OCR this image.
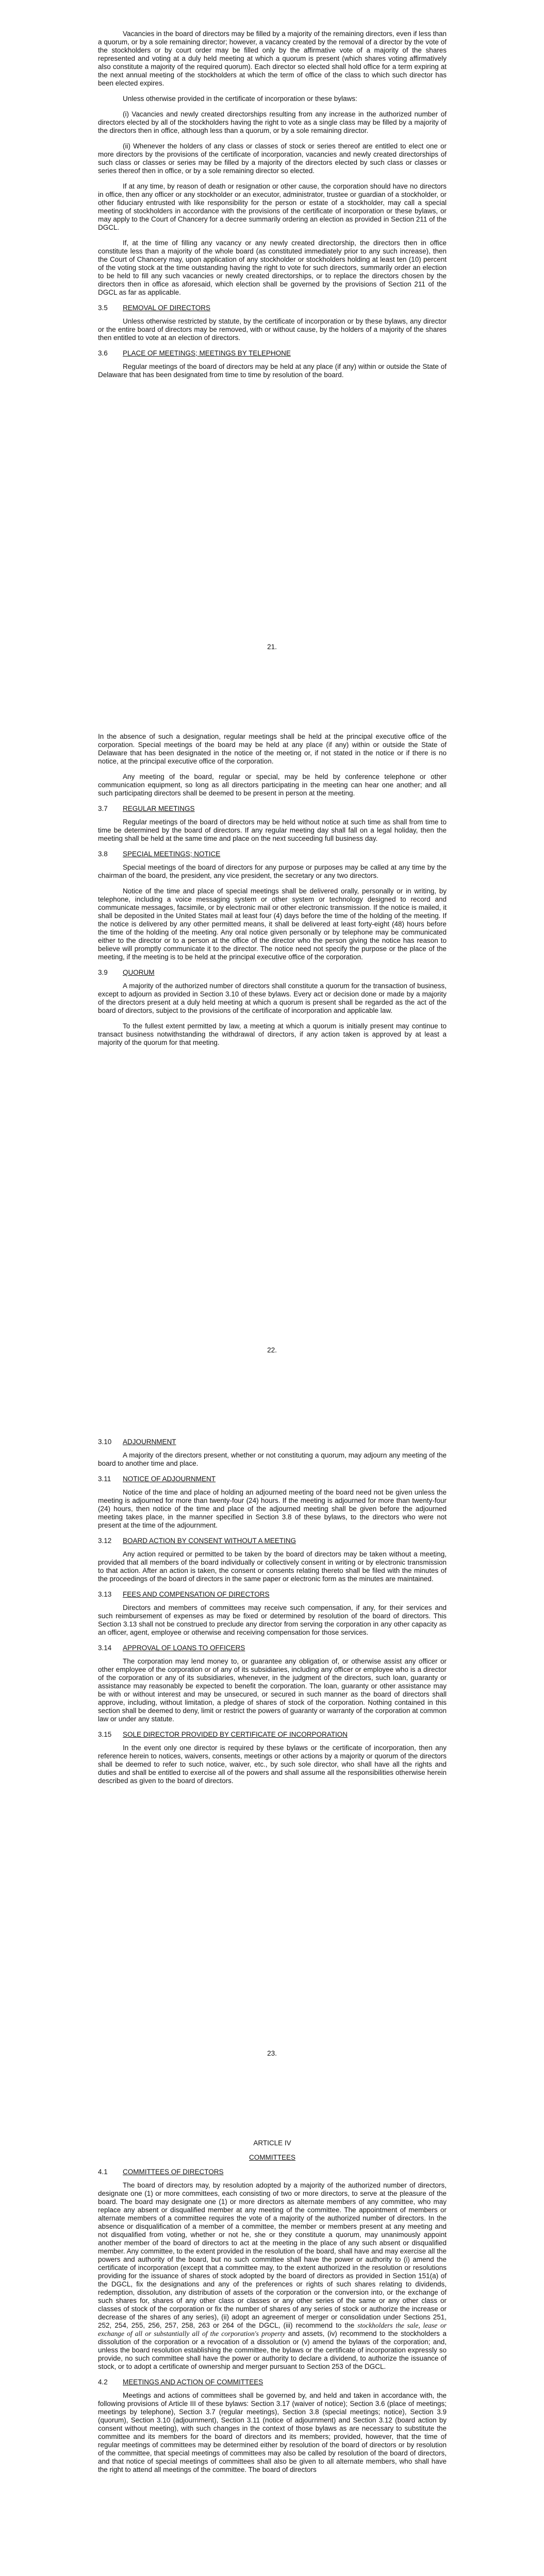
Vacancies in the board of directors may be filled by a majority of the remaining directors, even if less than a quorum, or by a sole remaining director; however, a vacancy created by the removal of a director by the vote of the stockholders or by court order may be filled only by the affirmative vote of a majority of the shares represented and voting at a duly held meeting at which a quorum is present (which shares voting affirmatively also constitute a majority of the required quorum). Each director so elected shall hold office for a term expiring at the next annual meeting of the stockholders at which the term of office of the class to which such director has been elected expires.

Unless otherwise provided in the certificate of incorporation or these bylaws:

(i) Vacancies and newly created directorships resulting from any increase in the authorized number of directors elected by all of the stockholders having the right to vote as a single class may be filled by a majority of the directors then in office, although less than a quorum, or by a sole remaining director.

(ii) Whenever the holders of any class or classes of stock or series thereof are entitled to elect one or more directors by the provisions of the certificate of incorporation, vacancies and newly created directorships of such class or classes or series may be filled by a majority of the directors elected by such class or classes or series thereof then in office, or by a sole remaining director so elected.

If at any time, by reason of death or resignation or other cause, the corporation should have no directors in office, then any officer or any stockholder or an executor, administrator, trustee or guardian of a stockholder, or other fiduciary entrusted with like responsibility for the person or estate of a stockholder, may call a special meeting of stockholders in accordance with the provisions of the certificate of incorporation or these bylaws, or may apply to the Court of Chancery for a decree summarily ordering an election as provided in Section 211 of the DGCL.

If, at the time of filling any vacancy or any newly created directorship, the directors then in office constitute less than a majority of the whole board (as constituted immediately prior to any such increase), then the Court of Chancery may, upon application of any stockholder or stockholders holding at least ten (10) percent of the voting stock at the time outstanding having the right to vote for such directors, summarily order an election to be held to fill any such vacancies or newly created directorships, or to replace the directors chosen by the directors then in office as aforesaid, which election shall be governed by the provisions of Section 211 of the DGCL as far as applicable.

3.5	REMOVAL OF DIRECTORS

Unless otherwise restricted by statute, by the certificate of incorporation or by these bylaws, any director or the entire board of directors may be removed, with or without cause, by the holders of a majority of the shares then entitled to vote at an election of directors.

3.6	PLACE OF MEETINGS; MEETINGS BY TELEPHONE

Regular meetings of the board of directors may be held at any place (if any) within or outside the State of Delaware that has been designated from time to time by resolution of the board.

21.

In the absence of such a designation, regular meetings shall be held at the principal executive office of the corporation. Special meetings of the board may be held at any place (if any) within or outside the State of Delaware that has been designated in the notice of the meeting or, if not stated in the notice or if there is no notice, at the principal executive office of the corporation.

Any meeting of the board, regular or special, may be held by conference telephone or other communication equipment, so long as all directors participating in the meeting can hear one another; and all such participating directors shall be deemed to be present in person at the meeting.

3.7	REGULAR MEETINGS

Regular meetings of the board of directors may be held without notice at such time as shall from time to time be determined by the board of directors. If any regular meeting day shall fall on a legal holiday, then the meeting shall be held at the same time and place on the next succeeding full business day.

3.8	SPECIAL MEETINGS; NOTICE

Special meetings of the board of directors for any purpose or purposes may be called at any time by the chairman of the board, the president, any vice president, the secretary or any two directors.

Notice of the time and place of special meetings shall be delivered orally, personally or in writing, by telephone, including a voice messaging system or other system or technology designed to record and communicate messages, facsimile, or by electronic mail or other electronic transmission. If the notice is mailed, it shall be deposited in the United States mail at least four (4) days before the time of the holding of the meeting. If the notice is delivered by any other permitted means, it shall be delivered at least forty-eight (48) hours before the time of the holding of the meeting. Any oral notice given personally or by telephone may be communicated either to the director or to a person at the office of the director who the person giving the notice has reason to believe will promptly communicate it to the director. The notice need not specify the purpose or the place of the meeting, if the meeting is to be held at the principal executive office of the corporation.

3.9	QUORUM

A majority of the authorized number of directors shall constitute a quorum for the transaction of business, except to adjourn as provided in Section 3.10 of these bylaws. Every act or decision done or made by a majority of the directors present at a duly held meeting at which a quorum is present shall be regarded as the act of the board of directors, subject to the provisions of the certificate of incorporation and applicable law.

To the fullest extent permitted by law, a meeting at which a quorum is initially present may continue to transact business notwithstanding the withdrawal of directors, if any action taken is approved by at least a majority of the quorum for that meeting.

22.
3.10	ADJOURNMENT

A majority of the directors present, whether or not constituting a quorum, may adjourn any meeting of the board to another time and place.

3.11	NOTICE OF ADJOURNMENT

Notice of the time and place of holding an adjourned meeting of the board need not be given unless the meeting is adjourned for more than twenty-four (24) hours. If the meeting is adjourned for more than twenty-four (24) hours, then notice of the time and place of the adjourned meeting shall be given before the adjourned meeting takes place, in the manner specified in Section 3.8 of these bylaws, to the directors who were not present at the time of the adjournment.

3.12	BOARD ACTION BY CONSENT WITHOUT A MEETING

Any action required or permitted to be taken by the board of directors may be taken without a meeting, provided that all members of the board individually or collectively consent in writing or by electronic transmission to that action. After an action is taken, the consent or consents relating thereto shall be filed with the minutes of the proceedings of the board of directors in the same paper or electronic form as the minutes are maintained.

3.13	FEES AND COMPENSATION OF DIRECTORS

Directors and members of committees may receive such compensation, if any, for their services and such reimbursement of expenses as may be fixed or determined by resolution of the board of directors. This Section 3.13 shall not be construed to preclude any director from serving the corporation in any other capacity as an officer, agent, employee or otherwise and receiving compensation for those services.

3.14	APPROVAL OF LOANS TO OFFICERS

The corporation may lend money to, or guarantee any obligation of, or otherwise assist any officer or other employee of the corporation or of any of its subsidiaries, including any officer or employee who is a director of the corporation or any of its subsidiaries, whenever, in the judgment of the directors, such loan, guaranty or assistance may reasonably be expected to benefit the corporation. The loan, guaranty or other assistance may be with or without interest and may be unsecured, or secured in such manner as the board of directors shall approve, including, without limitation, a pledge of shares of stock of the corporation. Nothing contained in this section shall be deemed to deny, limit or restrict the powers of guaranty or warranty of the corporation at common law or under any statute.

3.15	SOLE DIRECTOR PROVIDED BY CERTIFICATE OF INCORPORATION

In the event only one director is required by these bylaws or the certificate of incorporation, then any reference herein to notices, waivers, consents, meetings or other actions by a majority or quorum of the directors shall be deemed to refer to such notice, waiver, etc., by such sole director, who shall have all the rights and duties and shall be entitled to exercise all of the powers and shall assume all the responsibilities otherwise herein described as given to the board of directors.

23.
ARTICLE IV
COMMITTEES
4.1	COMMITTEES OF DIRECTORS

The board of directors may, by resolution adopted by a majority of the authorized number of directors, designate one (1) or more committees, each consisting of two or more directors, to serve at the pleasure of the board. The board may designate one (1) or more directors as alternate members of any committee, who may replace any absent or disqualified member at any meeting of the committee. The appointment of members or alternate members of a committee requires the vote of a majority of the authorized number of directors. In the absence or disqualification of a member of a committee, the member or members present at any meeting and not disqualified from voting, whether or not he, she or they constitute a quorum, may unanimously appoint another member of the board of directors to act at the meeting in the place of any such absent or disqualified member. Any committee, to the extent provided in the resolution of the board, shall have and may exercise all the powers and authority of the board, but no such committee shall have the power or authority to (i) amend the certificate of incorporation (except that a committee may, to the extent authorized in the resolution or resolutions providing for the issuance of shares of stock adopted by the board of directors as provided in Section 151(a) of the DGCL, fix the designations and any of the preferences or rights of such shares relating to dividends, redemption, dissolution, any distribution of assets of the corporation or the conversion into, or the exchange of such shares for, shares of any other class or classes or any other series of the same or any other class or classes of stock of the corporation or fix the number of shares of any series of stock or authorize the increase or decrease of the shares of any series), (ii) adopt an agreement of merger or consolidation under Sections 251, 252, 254, 255, 256, 257, 258, 263 or 264 of the DGCL, (iii) recommend to the stockholders the sale, lease or exchange of all or substantially all of the corporation's property and assets, (iv) recommend to the stockholders a dissolution of the corporation or a revocation of a dissolution or (v) amend the bylaws of the corporation; and, unless the board resolution establishing the committee, the bylaws or the certificate of incorporation expressly so provide, no such committee shall have the power or authority to declare a dividend, to authorize the issuance of stock, or to adopt a certificate of ownership and merger pursuant to Section 253 of the DGCL.

4.2	MEETINGS AND ACTION OF COMMITTEES

Meetings and actions of committees shall be governed by, and held and taken in accordance with, the following provisions of Article III of these bylaws: Section 3.17 (waiver of notice); Section 3.6 (place of meetings; meetings by telephone), Section 3.7 (regular meetings), Section 3.8 (special meetings; notice), Section 3.9 (quorum), Section 3.10 (adjournment), Section 3.11 (notice of adjournment) and Section 3.12 (board action by consent without meeting), with such changes in the context of those bylaws as are necessary to substitute the committee and its members for the board of directors and its members; provided, however, that the time of regular meetings of committees may be determined either by resolution of the board of directors or by resolution of the committee, that special meetings of committees may also be called by resolution of the board of directors, and that notice of special meetings of committees shall also be given to all alternate members, who shall have the right to attend all meetings of the committee. The board of directors
